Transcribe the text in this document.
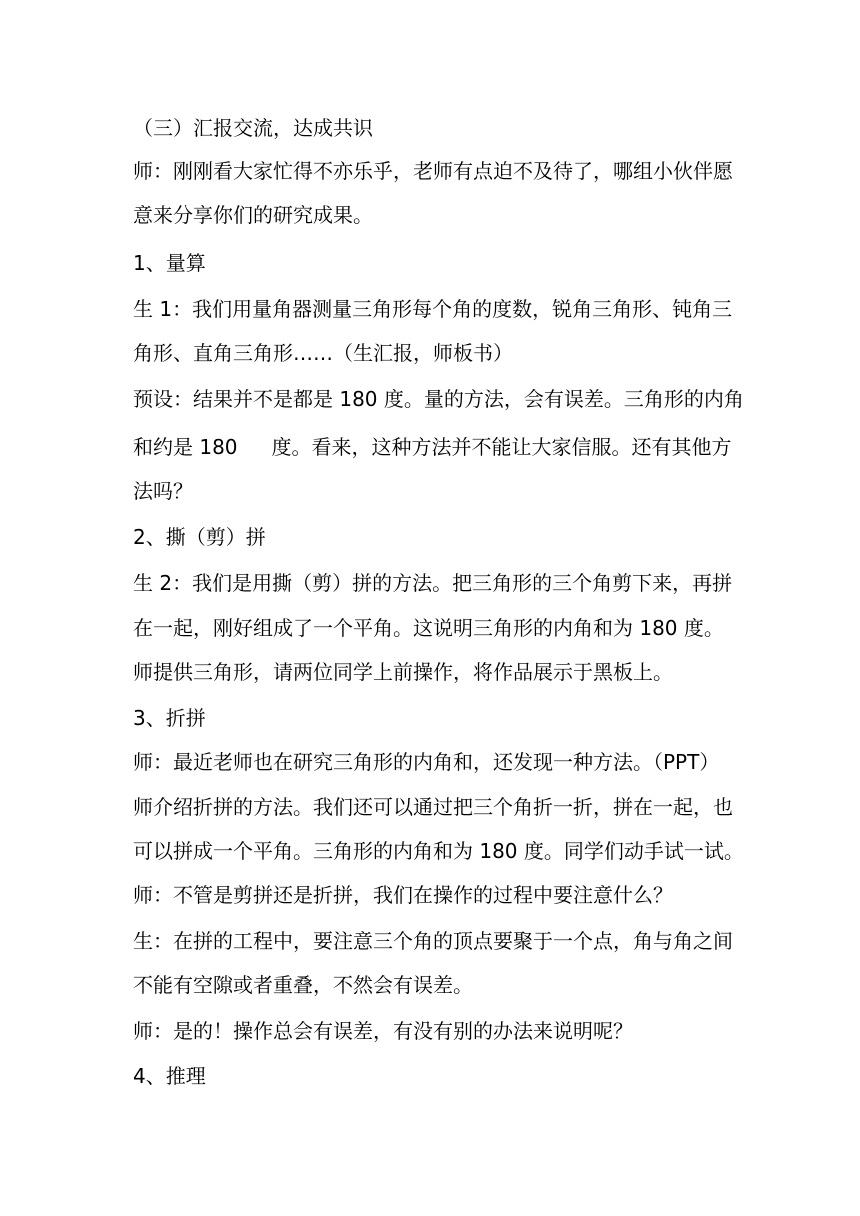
（三）汇报交流，达成共识
师：刚刚看大家忙得不亦乐乎，老师有点迫不及待了，哪组小伙伴愿
意来分享你们的研究成果。
1、量算
生 1：我们用量角器测量三角形每个角的度数，锐角三角形、钝角三
角形、直角三角形……（生汇报，师板书）
预设：结果并不是都是 180 度。量的方法，会有误差。三角形的内角
和约是 180 度。看来，这种方法并不能让大家信服。还有其他方
法吗？
2、撕（剪）拼
生 2：我们是用撕（剪）拼的方法。把三角形的三个角剪下来，再拼
在一起，刚好组成了一个平角。这说明三角形的内角和为 180 度。
师提供三角形，请两位同学上前操作，将作品展示于黑板上。
3、折拼
师：最近老师也在研究三角形的内角和，还发现一种方法。（PPT）
师介绍折拼的方法。我们还可以通过把三个角折一折，拼在一起，也
可以拼成一个平角。三角形的内角和为 180 度。同学们动手试一试。
师：不管是剪拼还是折拼，我们在操作的过程中要注意什么？
生：在拼的工程中，要注意三个角的顶点要聚于一个点，角与角之间
不能有空隙或者重叠，不然会有误差。
师：是的！操作总会有误差，有没有别的办法来说明呢？
4、推理
